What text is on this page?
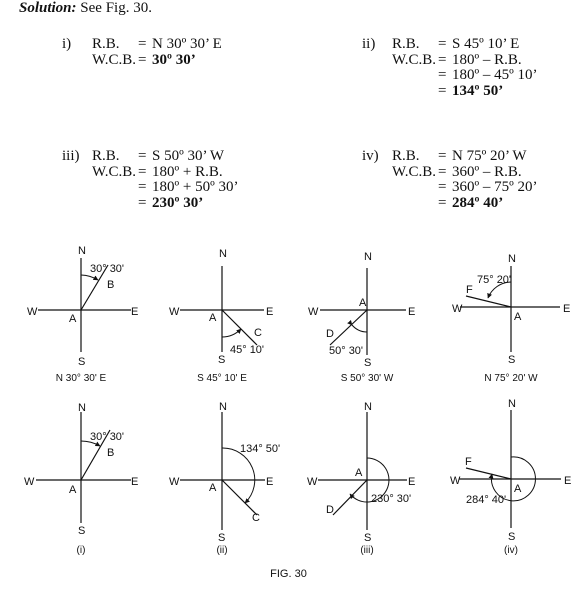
Solution: See Fig. 30.
i)	R.B.	= N 30º 30’ E
W.C.B. = 30º 30’
ii)	R.B.	= S 45º 10’ E
W.C.B. = 180º – R.B.
= 180º – 45º 10’
= 134º 50’
iii) R.B.	= S 50º 30’ W
W.C.B. = 180º + R.B.
= 180º + 50º 30’
= 230º 30’
iv) R.B.	= N 75º 20’ W
W.C.B. = 360º – R.B.
= 360º – 75º 20’
= 284º 40’
N
S
E
W
A
B
30° 30'
N 30° 30' E
N
S
E
W	A
C
45° 10'
S 45° 10' E
N
S
E
W
A
D
50° 30'
S 50° 30' W
N
S
E
W
A
F
75° 20'
N 75° 20' W
N
S
E
W
A
B
30° 30'
(i)
N
S
E
W	A
C
134° 50'
(ii)
N
S
E
W
A
D
230° 30'
(iii)
N
S
E
W
A
F
284° 40'
(iv)
FIG. 30
